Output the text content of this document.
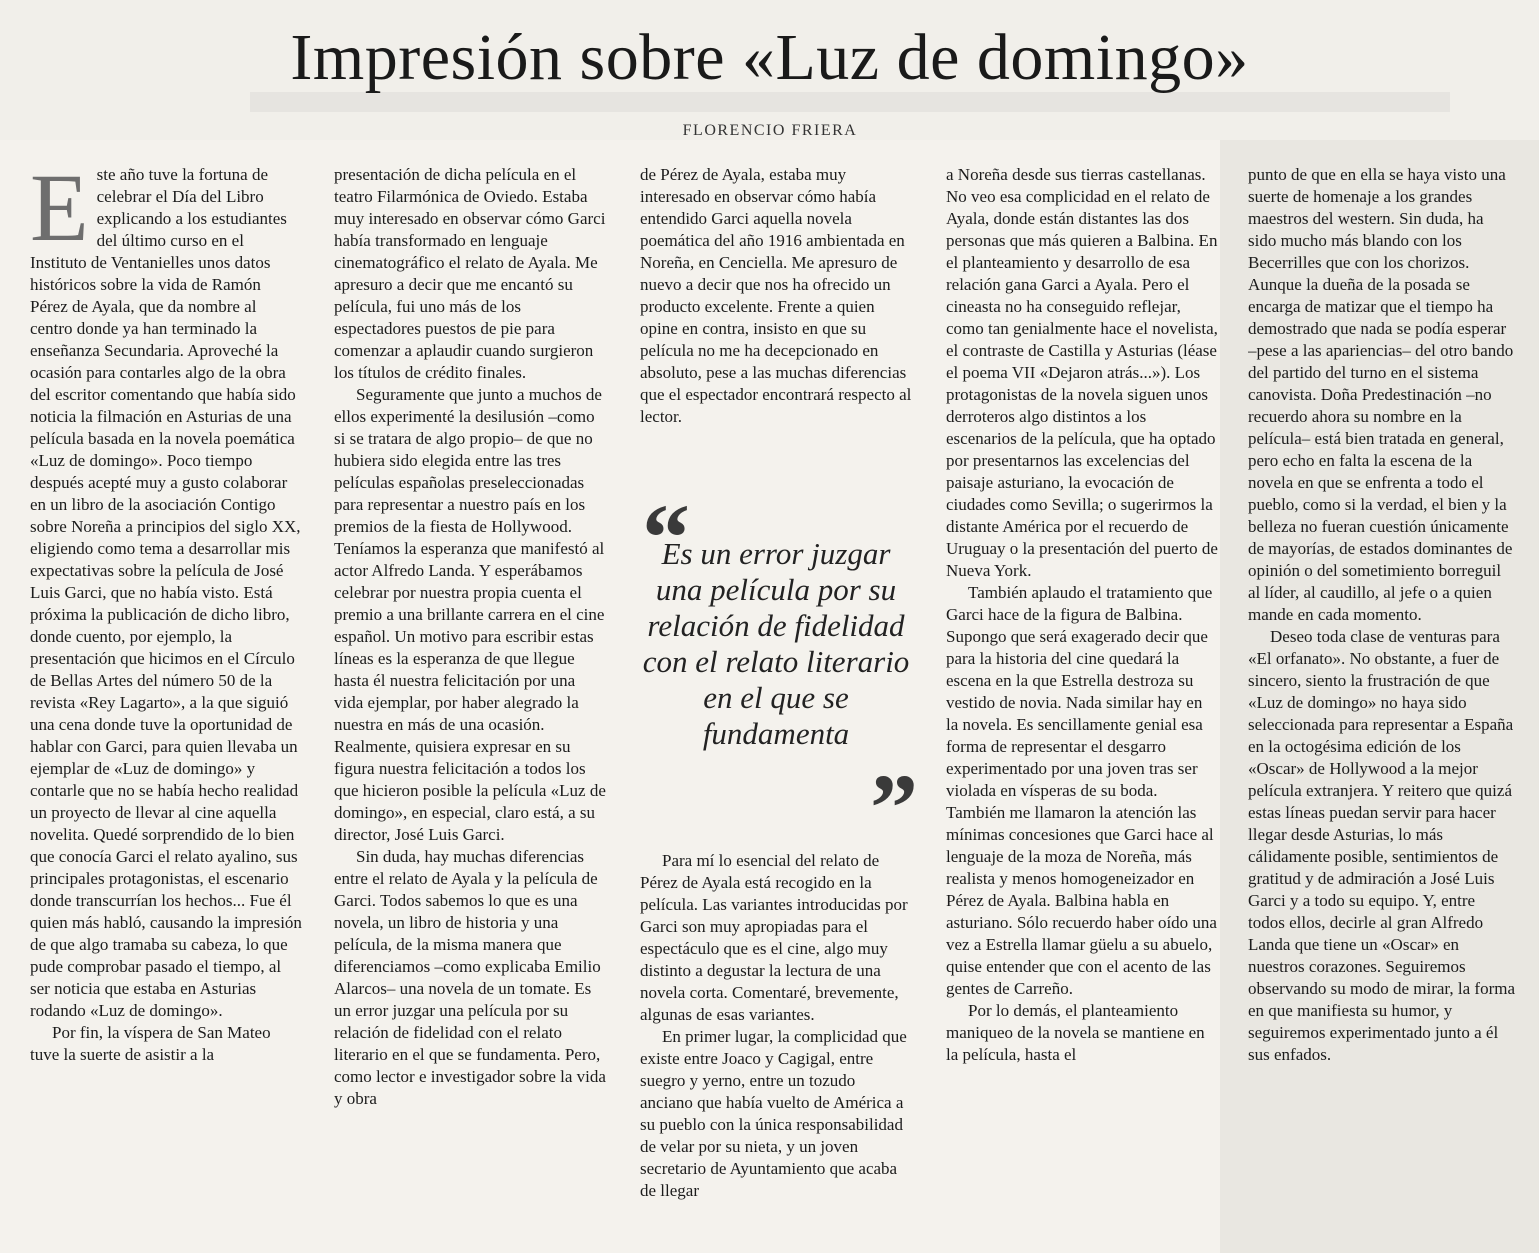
Impresión sobre «Luz de domingo»
FLORENCIO FRIERA

Este año tuve la fortuna de celebrar el Día del Libro explicando a los estudiantes del último curso en el Instituto de Ventanielles unos datos históricos sobre la vida de Ramón Pérez de Ayala, que da nombre al centro donde ya han terminado la enseñanza Secundaria. Aproveché la ocasión para contarles algo de la obra del escritor comentando que había sido noticia la filmación en Asturias de una película basada en la novela poemática «Luz de domingo». Poco tiempo después acepté muy a gusto colaborar en un libro de la asociación Contigo sobre Noreña a principios del siglo XX, eligiendo como tema a desarrollar mis expectativas sobre la película de José Luis Garci, que no había visto. Está próxima la publicación de dicho libro, donde cuento, por ejemplo, la presentación que hicimos en el Círculo de Bellas Artes del número 50 de la revista «Rey Lagarto», a la que siguió una cena donde tuve la oportunidad de hablar con Garci, para quien llevaba un ejemplar de «Luz de domingo» y contarle que no se había hecho realidad un proyecto de llevar al cine aquella novelita. Quedé sorprendido de lo bien que conocía Garci el relato ayalino, sus principales protagonistas, el escenario donde transcurrían los hechos... Fue él quien más habló, causando la impresión de que algo tramaba su cabeza, lo que pude comprobar pasado el tiempo, al ser noticia que estaba en Asturias rodando «Luz de domingo».

Por fin, la víspera de San Mateo tuve la suerte de asistir a la

presentación de dicha película en el teatro Filarmónica de Oviedo. Estaba muy interesado en observar cómo Garci había transformado en lenguaje cinematográfico el relato de Ayala. Me apresuro a decir que me encantó su película, fui uno más de los espectadores puestos de pie para comenzar a aplaudir cuando surgieron los títulos de crédito finales.

Seguramente que junto a muchos de ellos experimenté la desilusión –como si se tratara de algo propio– de que no hubiera sido elegida entre las tres películas españolas preseleccionadas para representar a nuestro país en los premios de la fiesta de Hollywood. Teníamos la esperanza que manifestó al actor Alfredo Landa. Y esperábamos celebrar por nuestra propia cuenta el premio a una brillante carrera en el cine español. Un motivo para escribir estas líneas es la esperanza de que llegue hasta él nuestra felicitación por una vida ejemplar, por haber alegrado la nuestra en más de una ocasión. Realmente, quisiera expresar en su figura nuestra felicitación a todos los que hicieron posible la película «Luz de domingo», en especial, claro está, a su director, José Luis Garci.

Sin duda, hay muchas diferencias entre el relato de Ayala y la película de Garci. Todos sabemos lo que es una novela, un libro de historia y una película, de la misma manera que diferenciamos –como explicaba Emilio Alarcos– una novela de un tomate. Es un error juzgar una película por su relación de fidelidad con el relato literario en el que se fundamenta. Pero, como lector e investigador sobre la vida y obra

de Pérez de Ayala, estaba muy interesado en observar cómo había entendido Garci aquella novela poemática del año 1916 ambientada en Noreña, en Cenciella. Me apresuro de nuevo a decir que nos ha ofrecido un producto excelente. Frente a quien opine en contra, insisto en que su película no me ha decepcionado en absoluto, pese a las muchas diferencias que el espectador encontrará respecto al lector.

“
Es un error juzgar una película por su relación de fidelidad con el relato literario en el que se fundamenta
”

Para mí lo esencial del relato de Pérez de Ayala está recogido en la película. Las variantes introducidas por Garci son muy apropiadas para el espectáculo que es el cine, algo muy distinto a degustar la lectura de una novela corta. Comentaré, brevemente, algunas de esas variantes.

En primer lugar, la complicidad que existe entre Joaco y Cagigal, entre suegro y yerno, entre un tozudo anciano que había vuelto de América a su pueblo con la única responsabilidad de velar por su nieta, y un joven secretario de Ayuntamiento que acaba de llegar

a Noreña desde sus tierras castellanas. No veo esa complicidad en el relato de Ayala, donde están distantes las dos personas que más quieren a Balbina. En el planteamiento y desarrollo de esa relación gana Garci a Ayala. Pero el cineasta no ha conseguido reflejar, como tan genialmente hace el novelista, el contraste de Castilla y Asturias (léase el poema VII «Dejaron atrás...»). Los protagonistas de la novela siguen unos derroteros algo distintos a los escenarios de la película, que ha optado por presentarnos las excelencias del paisaje asturiano, la evocación de ciudades como Sevilla; o sugerirmos la distante América por el recuerdo de Uruguay o la presentación del puerto de Nueva York.

También aplaudo el tratamiento que Garci hace de la figura de Balbina. Supongo que será exagerado decir que para la historia del cine quedará la escena en la que Estrella destroza su vestido de novia. Nada similar hay en la novela. Es sencillamente genial esa forma de representar el desgarro experimentado por una joven tras ser violada en vísperas de su boda. También me llamaron la atención las mínimas concesiones que Garci hace al lenguaje de la moza de Noreña, más realista y menos homogeneizador en Pérez de Ayala. Balbina habla en asturiano. Sólo recuerdo haber oído una vez a Estrella llamar güelu a su abuelo, quise entender que con el acento de las gentes de Carreño.

Por lo demás, el planteamiento maniqueo de la novela se mantiene en la película, hasta el

punto de que en ella se haya visto una suerte de homenaje a los grandes maestros del western. Sin duda, ha sido mucho más blando con los Becerrilles que con los chorizos. Aunque la dueña de la posada se encarga de matizar que el tiempo ha demostrado que nada se podía esperar –pese a las apariencias– del otro bando del partido del turno en el sistema canovista. Doña Predestinación –no recuerdo ahora su nombre en la película– está bien tratada en general, pero echo en falta la escena de la novela en que se enfrenta a todo el pueblo, como si la verdad, el bien y la belleza no fueran cuestión únicamente de mayorías, de estados dominantes de opinión o del sometimiento borreguil al líder, al caudillo, al jefe o a quien mande en cada momento.

Deseo toda clase de venturas para «El orfanato». No obstante, a fuer de sincero, siento la frustración de que «Luz de domingo» no haya sido seleccionada para representar a España en la octogésima edición de los «Oscar» de Hollywood a la mejor película extranjera. Y reitero que quizá estas líneas puedan servir para hacer llegar desde Asturias, lo más cálidamente posible, sentimientos de gratitud y de admiración a José Luis Garci y a todo su equipo. Y, entre todos ellos, decirle al gran Alfredo Landa que tiene un «Oscar» en nuestros corazones. Seguiremos observando su modo de mirar, la forma en que manifiesta su humor, y seguiremos experimentado junto a él sus enfados.
